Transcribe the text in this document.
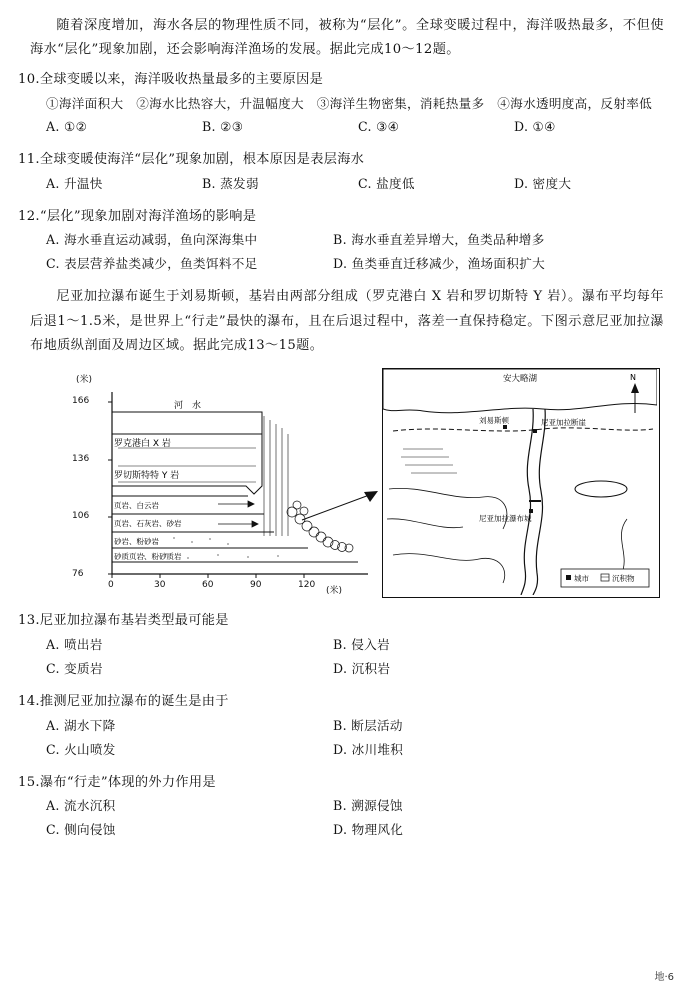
随着深度增加，海水各层的物理性质不同，被称为“层化”。全球变暖过程中，海洋吸热最多，不但使海水“层化”现象加剧，还会影响海洋渔场的发展。据此完成10～12题。

10.全球变暖以来，海洋吸收热量最多的主要原因是

①海洋面积大　②海水比热容大，升温幅度大　③海洋生物密集，消耗热量多　④海水透明度高，反射率低

A. ①②	B. ②③	C. ③④	D. ①④

11.全球变暖使海洋“层化”现象加剧，根本原因是表层海水

A. 升温快	B. 蒸发弱	C. 盐度低	D. 密度大

12.“层化”现象加剧对海洋渔场的影响是

A. 海水垂直运动减弱，鱼向深海集中	B. 海水垂直差异增大，鱼类品种增多
C. 表层营养盐类减少，鱼类饵料不足	D. 鱼类垂直迁移减少，渔场面积扩大

尼亚加拉瀑布诞生于刘易斯顿，基岩由两部分组成（罗克港白 X 岩和罗切斯特 Y 岩）。瀑布平均每年后退1～1.5米，是世界上“行走”最快的瀑布，且在后退过程中，落差一直保持稳定。下图示意尼亚加拉瀑布地质纵剖面及周边区域。据此完成13～15题。

河　水
罗克港白 X 岩
罗切斯特特 Y 岩
页岩、白云岩
页岩、石灰岩、砂岩
砂岩、粉砂岩
砂质页岩、粉砂质岩
(米)
166
136
106
76
0	30	60	90	120
(米)
安大略湖
刘易斯顿	尼亚加拉断崖
尼亚加拉瀑布城
N
城市	沉积物

13.尼亚加拉瀑布基岩类型最可能是

A. 喷出岩	B. 侵入岩
C. 变质岩	D. 沉积岩

14.推测尼亚加拉瀑布的诞生是由于

A. 湖水下降	B. 断层活动
C. 火山喷发	D. 冰川堆积

15.瀑布“行走”体现的外力作用是

A. 流水沉积	B. 溯源侵蚀
C. 侧向侵蚀	D. 物理风化
地·6
